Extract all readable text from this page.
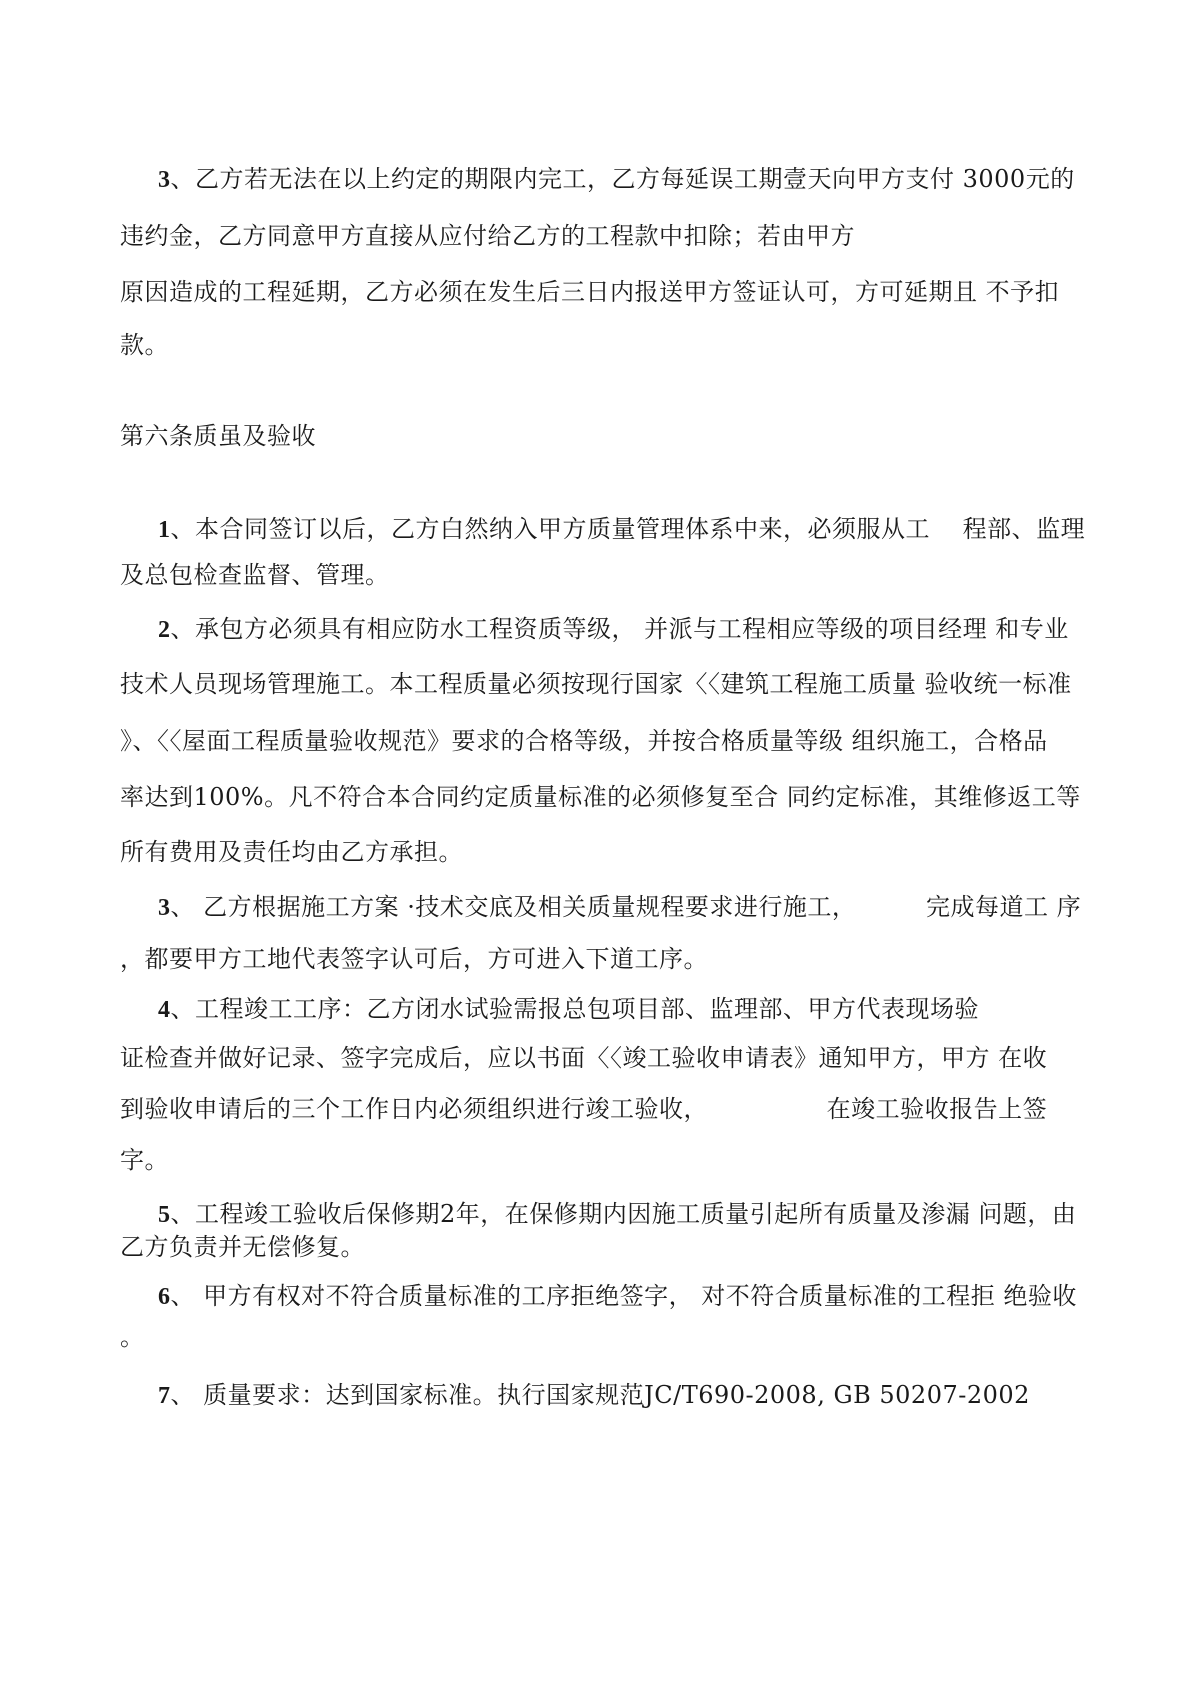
3、乙方若无法在以上约定的期限内完工，乙方每延误工期壹天向甲方支付 3000元的
违约金，乙方同意甲方直接从应付给乙方的工程款中扣除；若由甲方
原因造成的工程延期，乙方必须在发生后三日内报送甲方签证认可，方可延期且 不予扣
款。
第六条质虽及验收
1、本合同签订以后，乙方白然纳入甲方质量管理体系中来，必须服从工　 程部、监理
及总包检查监督、管理。
2、承包方必须具有相应防水工程资质等级， 并派与工程相应等级的项目经理 和专业
技术人员现场管理施工。本工程质量必须按现行国家〈〈建筑工程施工质量 验收统一标准
》、〈〈屋面工程质量验收规范》要求的合格等级，并按合格质量等级 组织施工，合格品
率达到100%。凡不符合本合同约定质量标准的必须修复至合 同约定标准，其维修返工等
所有费用及责任均由乙方承担。
3、 乙方根据施工方案 ·技术交底及相关质量规程要求进行施工，　　　 完成每道工 序
，都要甲方工地代表签字认可后，方可进入下道工序。
4、工程竣工工序：乙方闭水试验需报总包项目部、监理部、甲方代表现场验
证检查并做好记录、签字完成后，应以书面〈〈竣工验收申请表》通知甲方，甲方 在收
到验收申请后的三个工作日内必须组织进行竣工验收，　　　　　 在竣工验收报告上签
字。
5、工程竣工验收后保修期2年，在保修期内因施工质量引起所有质量及渗漏 问题，由
乙方负责并无偿修复。
6、 甲方有权对不符合质量标准的工序拒绝签字， 对不符合质量标准的工程拒 绝验收
。
7、 质量要求：达到国家标准。执行国家规范JC/T690-2008, GB 50207-2002
